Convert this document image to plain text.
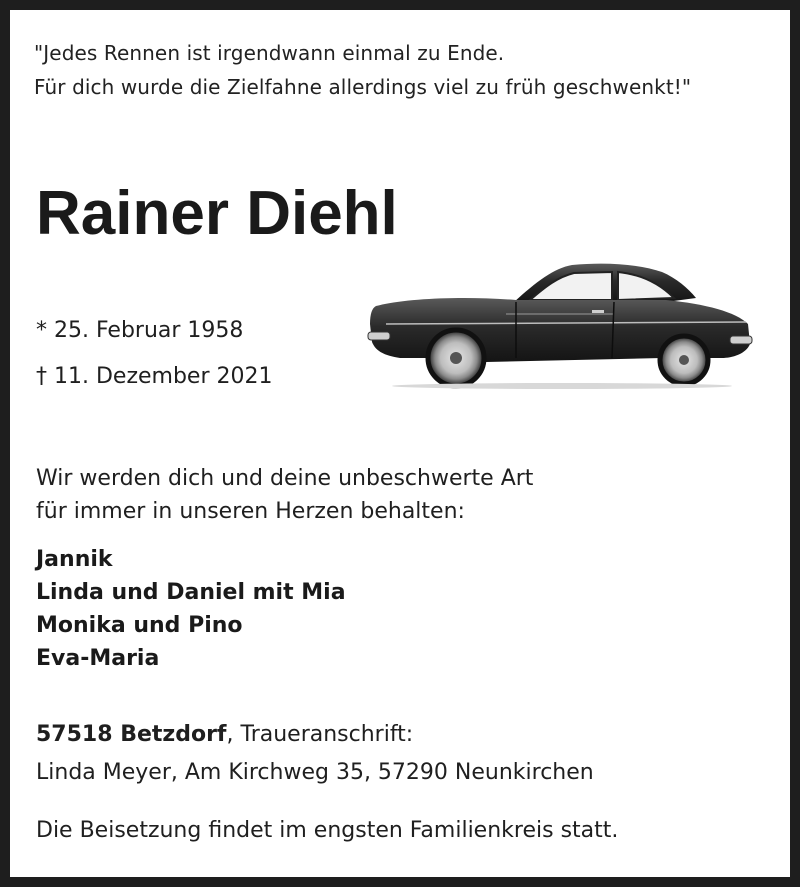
"Jedes Rennen ist irgendwann einmal zu Ende.
Für dich wurde die Zielfahne allerdings viel zu früh geschwenkt!"
Rainer Diehl
* 25. Februar 1958
† 11. Dezember 2021
Wir werden dich und deine unbeschwerte Art
für immer in unseren Herzen behalten:
Jannik
Linda und Daniel mit Mia
Monika und Pino
Eva-Maria
57518 Betzdorf, Traueranschrift:
Linda Meyer, Am Kirchweg 35, 57290 Neunkirchen
Die Beisetzung findet im engsten Familienkreis statt.
